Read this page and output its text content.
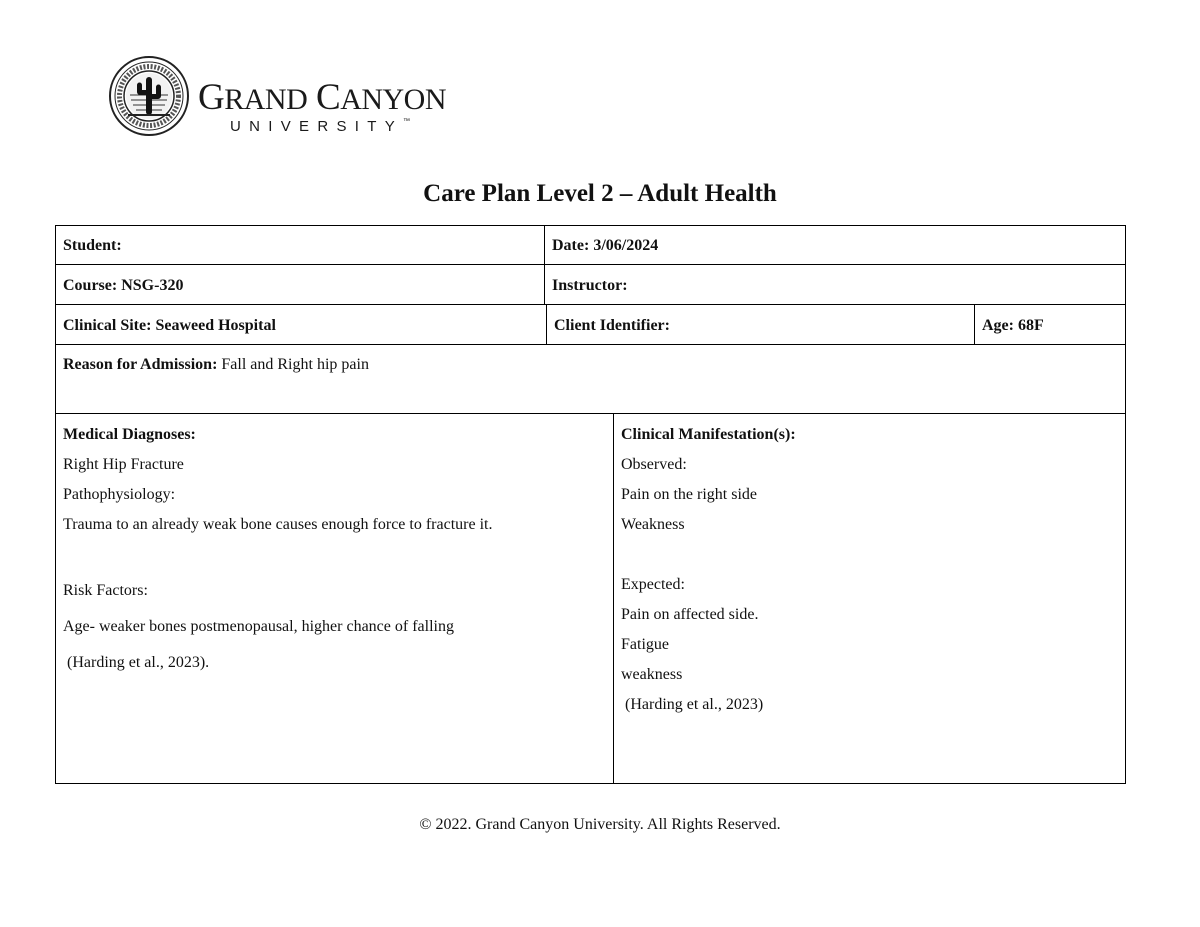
GRAND CANYON
UNIVERSITY™
Care Plan Level 2 – Adult Health
Student:	Date: 3/06/2024
Course: NSG-320	Instructor:
Clinical Site: Seaweed Hospital	Client Identifier:	Age: 68F
Reason for Admission: Fall and Right hip pain
Medical Diagnoses:
Right Hip Fracture
Pathophysiology:
Trauma to an already weak bone causes enough force to fracture it.
Risk Factors:
Age- weaker bones postmenopausal, higher chance of falling
(Harding et al., 2023).
Clinical Manifestation(s):
Observed:
Pain on the right side
Weakness
Expected:
Pain on affected side.
Fatigue
weakness
(Harding et al., 2023)
© 2022. Grand Canyon University. All Rights Reserved.
